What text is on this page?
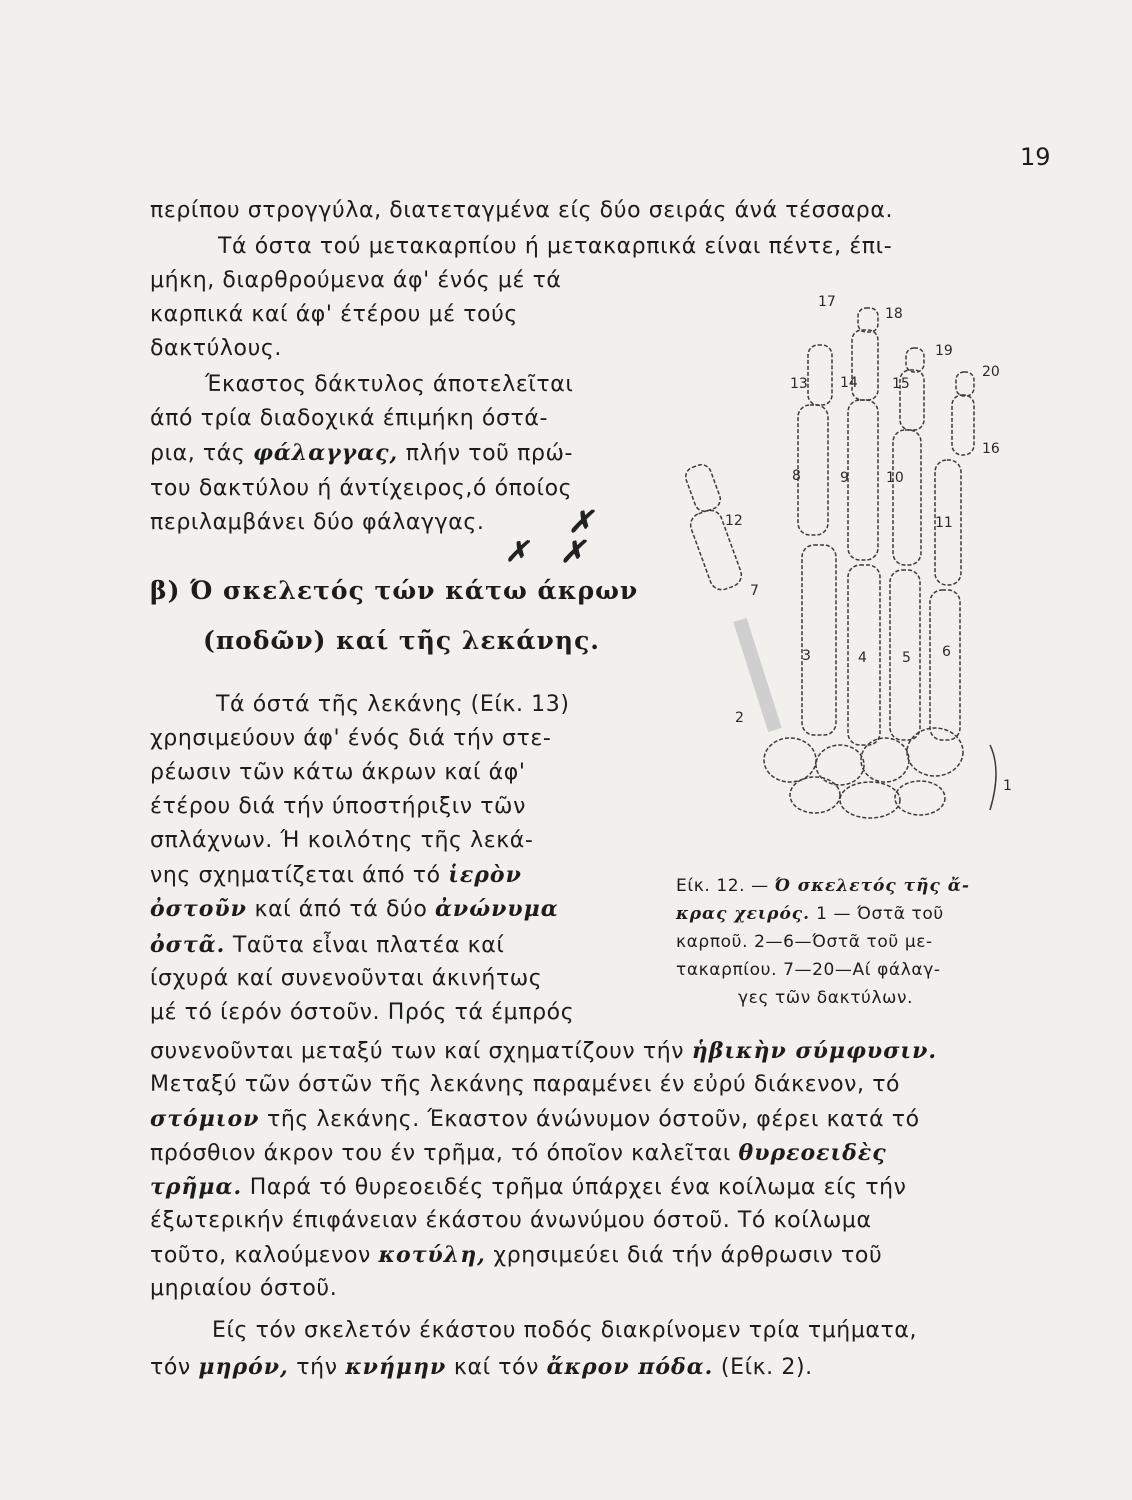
19
περίπου στρογγύλα, διατεταγμένα είς δύο σειράς άνά τέσσαρα.
Τά όστα τού μετακαρπίου ή μετακαρπικά είναι πέντε, έπι-
μήκη, διαρθρούμενα άφ' ένός μέ τά
καρπικά καί άφ' έτέρου μέ τούς
δακτύλους.
Έκαστος δάκτυλος άποτελεῖται
άπό τρία διαδοχικά έπιμήκη όστά-
ρια, τάς φάλαγγας, πλήν τοῦ πρώ-
του δακτύλου ή άντίχειρος,ό όποίος
περιλαμβάνει δύο φάλαγγας.	✗
✗ ✗
β) Ό σκελετός τών κάτω άκρων
(ποδῶν) καί τῆς λεκάνης.
Τά όστά τῆς λεκάνης (Είκ. 13)
χρησιμεύουν άφ' ένός διά τήν στε-
ρέωσιν τῶν κάτω άκρων καί άφ'
έτέρου διά τήν ύποστήριξιν τῶν
σπλάχνων. Ή κοιλότης τῆς λεκά-
νης σχηματίζεται άπό τό ἱερὸν
ὀστοῦν καί άπό τά δύο ἀνώνυμα
ὀστᾶ. Ταῦτα εἶναι πλατέα καί
ίσχυρά καί συνενοῦνται άκινήτως
μέ τό ίερόν όστοῦν. Πρός τά έμπρός
συνενοῦνται μεταξύ των καί σχηματίζουν τήν ἡβικὴν σύμφυσιν.
Μεταξύ τῶν όστῶν τῆς λεκάνης παραμένει έν εὐρύ διάκενον, τό
στόμιον τῆς λεκάνης. Έκαστον άνώνυμον όστοῦν, φέρει κατά τό
πρόσθιον άκρον του έν τρῆμα, τό όποῖον καλεῖται θυρεοειδὲς
τρῆμα. Παρά τό θυρεοειδές τρῆμα ύπάρχει ένα κοίλωμα είς τήν
έξωτερικήν έπιφάνειαν έκάστου άνωνύμου όστοῦ. Τό κοίλωμα
τοῦτο, καλούμενον κοτύλη, χρησιμεύει διά τήν άρθρωσιν τοῦ
μηριαίου όστοῦ.
Είς τόν σκελετόν έκάστου ποδός διακρίνομεν τρία τμήματα,
τόν μηρόν, τήν κνήμην καί τόν ἄκρον πόδα. (Είκ. 2).
1
2
3	4	5 6
7
8	9	10
11
12
13 14 15
16
17
18
19
20
Είκ. 12. — Ό σκελετός τῆς ἄ-
κρας χειρός. 1 — Όστᾶ τοῦ
καρποῦ. 2—6—Όστᾶ τοῦ με-
τακαρπίου. 7—20—Αί φάλαγ-
γες τῶν δακτύλων.
